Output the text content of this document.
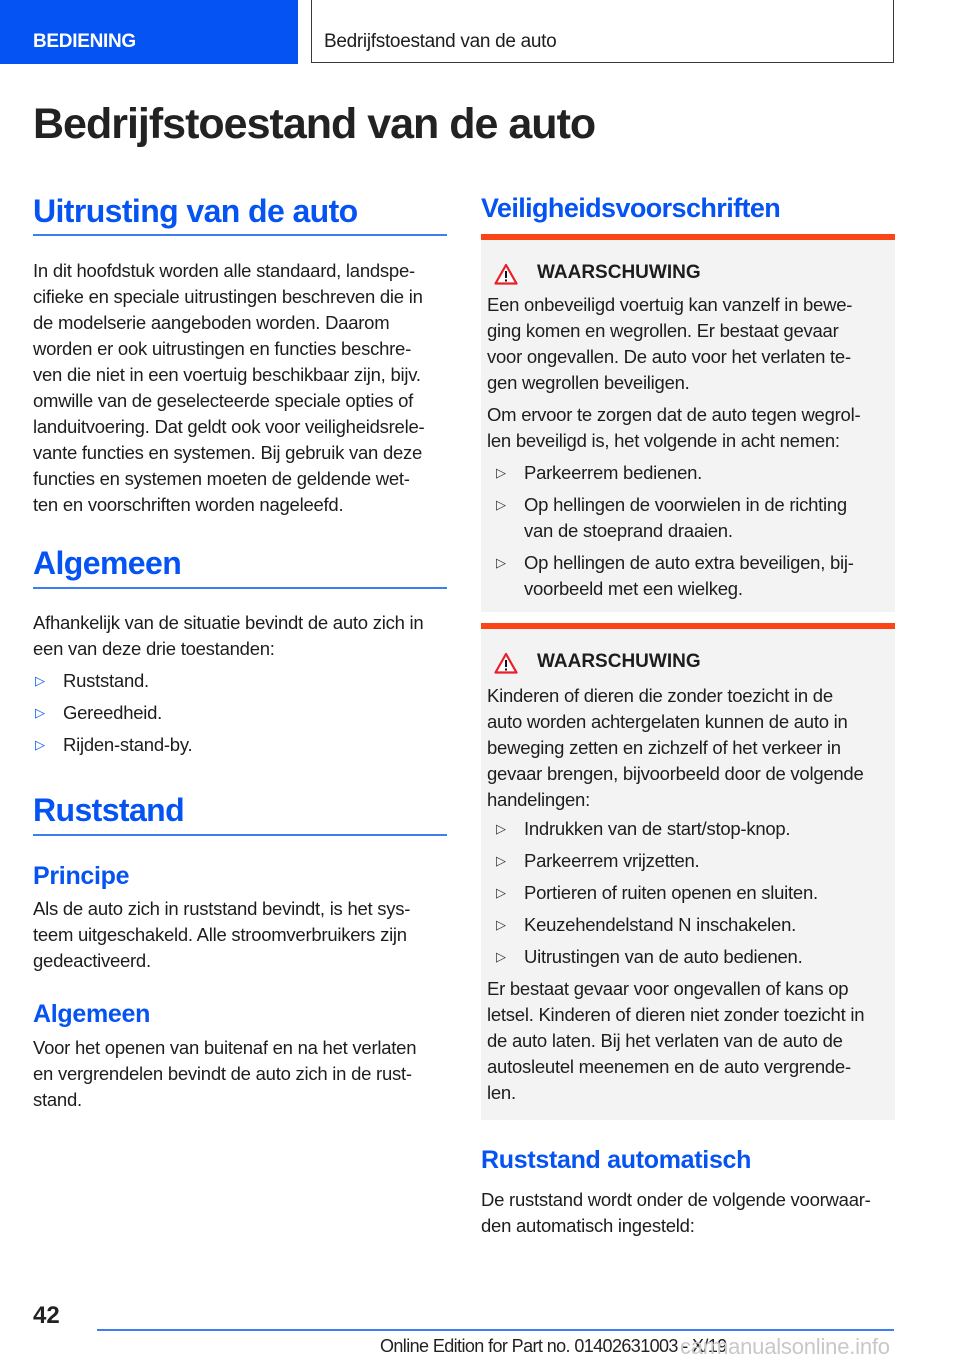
BEDIENING	Bedrijfstoestand van de auto
Bedrijfstoestand van de auto
Uitrusting van de auto

In dit hoofdstuk worden alle standaard, landspe-

cifieke en speciale uitrustingen beschreven die in

de modelserie aangeboden worden. Daarom

worden er ook uitrustingen en functies beschre-

ven die niet in een voertuig beschikbaar zijn, bijv.

omwille van de geselecteerde speciale opties of

landuitvoering. Dat geldt ook voor veiligheidsrele-

vante functies en systemen. Bij gebruik van deze

functies en systemen moeten de geldende wet-

ten en voorschriften worden nageleefd.

Algemeen

Afhankelijk van de situatie bevindt de auto zich in

een van deze drie toestanden:

▷ Ruststand.
▷ Gereedheid.
▷ Rijden-stand-by.
Ruststand
Principe

Als de auto zich in ruststand bevindt, is het sys-

teem uitgeschakeld. Alle stroomverbruikers zijn

gedeactiveerd.

Algemeen

Voor het openen van buitenaf en na het verlaten

en vergrendelen bevindt de auto zich in de rust-

stand.

Veiligheidsvoorschriften
WAARSCHUWING

Een onbeveiligd voertuig kan vanzelf in bewe-

ging komen en wegrollen. Er bestaat gevaar

voor ongevallen. De auto voor het verlaten te-

gen wegrollen beveiligen.

Om ervoor te zorgen dat de auto tegen wegrol-

len beveiligd is, het volgende in acht nemen:

▷ Parkeerrem bedienen.
▷ Op hellingen de voorwielen in de richting
van de stoeprand draaien.
▷ Op hellingen de auto extra beveiligen, bij-
voorbeeld met een wielkeg.
WAARSCHUWING

Kinderen of dieren die zonder toezicht in de

auto worden achtergelaten kunnen de auto in

beweging zetten en zichzelf of het verkeer in

gevaar brengen, bijvoorbeeld door de volgende

handelingen:

▷ Indrukken van de start/stop-knop.
▷ Parkeerrem vrijzetten.
▷ Portieren of ruiten openen en sluiten.
▷ Keuzehendelstand N inschakelen.
▷ Uitrustingen van de auto bedienen.

Er bestaat gevaar voor ongevallen of kans op

letsel. Kinderen of dieren niet zonder toezicht in

de auto laten. Bij het verlaten van de auto de

autosleutel meenemen en de auto vergrende-

len.

Ruststand automatisch

De ruststand wordt onder de volgende voorwaar-

den automatisch ingesteld:

42
Online Edition for Part no. 01402631003 - X/19
carmanualsonline.info
